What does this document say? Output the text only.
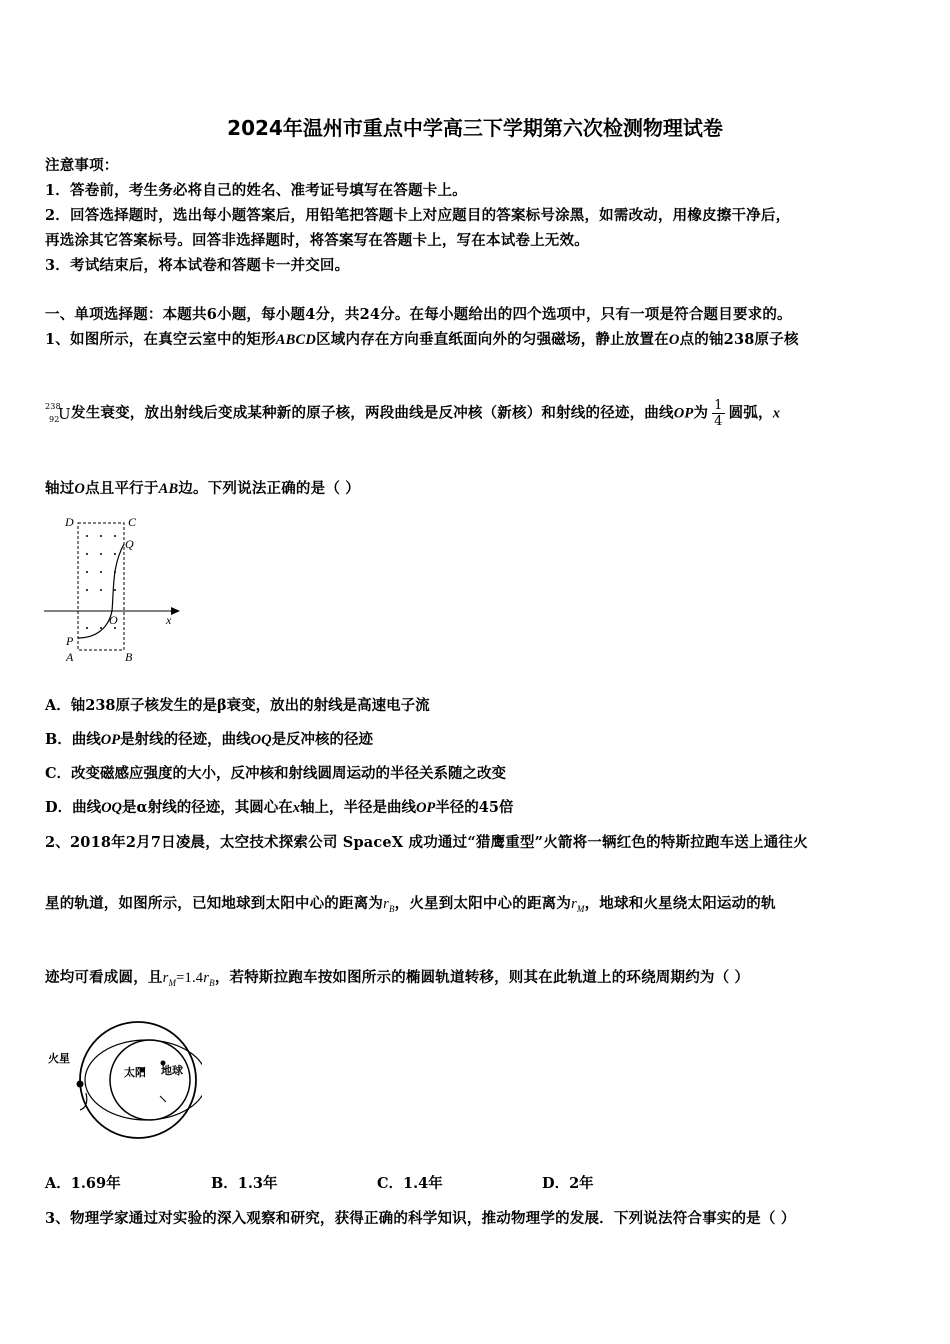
2024年温州市重点中学高三下学期第六次检测物理试卷
注意事项：
1．答卷前，考生务必将自己的姓名、准考证号填写在答题卡上。
2．回答选择题时，选出每小题答案后，用铅笔把答题卡上对应题目的答案标号涂黑，如需改动，用橡皮擦干净后，
再选涂其它答案标号。回答非选择题时，将答案写在答题卡上，写在本试卷上无效。
3．考试结束后，将本试卷和答题卡一并交回。
一、单项选择题：本题共6小题，每小题4分，共24分。在每小题给出的四个选项中，只有一项是符合题目要求的。
1、如图所示，在真空云室中的矩形ABCD区域内存在方向垂直纸面向外的匀强磁场，静止放置在O点的铀238原子核
238
92
U 发生衰变，放出射线后变成某种新的原子核，两段曲线是反冲核（新核）和射线的径迹，曲线OP为 $\frac{1}{4}$ 圆弧，x
轴过O点且平行于AB边。下列说法正确的是（ ）
D	C
Q
O	x
P
A	B
A．铀238原子核发生的是β衰变，放出的射线是高速电子流
B．曲线OP是射线的径迹，曲线OQ是反冲核的径迹
C．改变磁感应强度的大小，反冲核和射线圆周运动的半径关系随之改变
D．曲线OQ是α射线的径迹，其圆心在x轴上，半径是曲线OP半径的45倍
2、2018年2月7日凌晨，太空技术探索公司 SpaceX 成功通过“猎鹰重型”火箭将一辆红色的特斯拉跑车送上通往火
星的轨道，如图所示，已知地球到太阳中心的距离为$r_B$，火星到太阳中心的距离为$r_M$，地球和火星绕太阳运动的轨
迹均可看成圆，且$r_M=1.4r_B$，若特斯拉跑车按如图所示的椭圆轨道转移，则其在此轨道上的环绕周期约为（ ）
火星
太阳 地球
A．1.69年	B．1.3年	C．1.4年	D．2年
3、物理学家通过对实验的深入观察和研究，获得正确的科学知识，推动物理学的发展．下列说法符合事实的是（ ）
